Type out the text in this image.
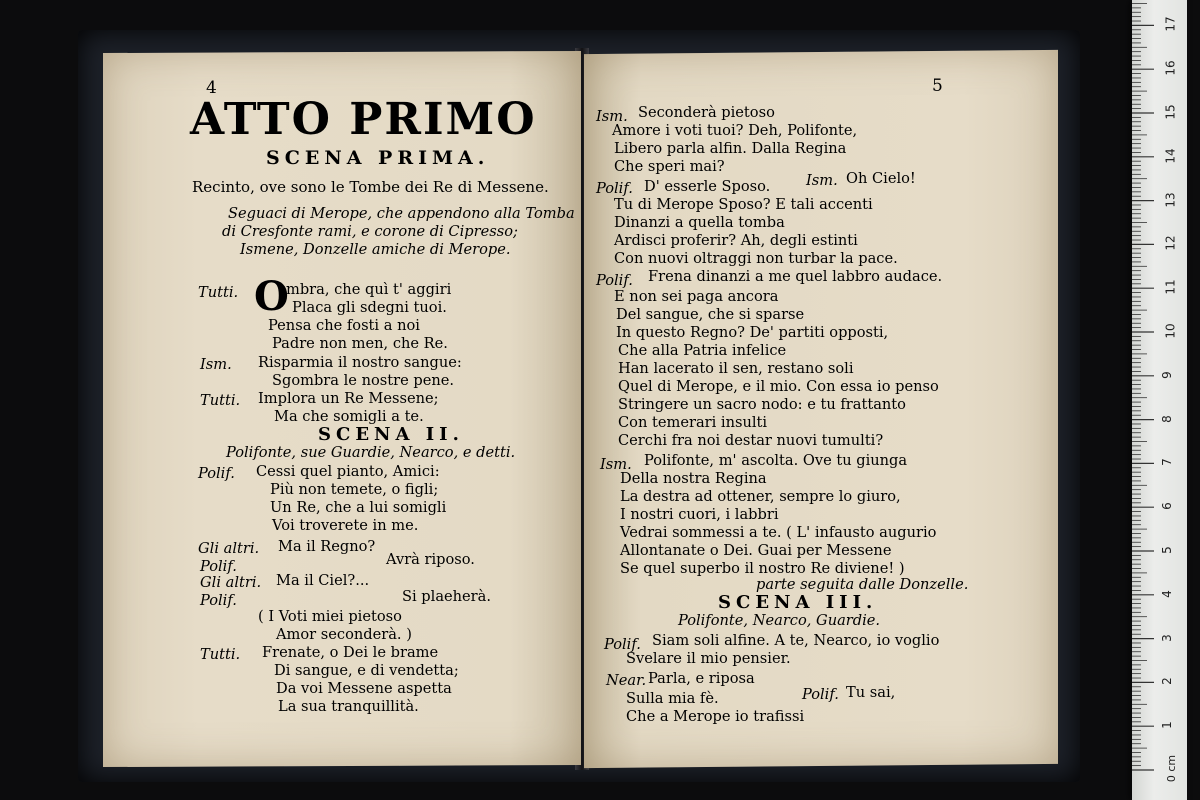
4
ATTO PRIMO
SCENA PRIMA.
Recinto, ove sono le Tombe dei Re di Messene.
Seguaci di Merope, che appendono alla Tomba
di Cresfonte rami, e corone di Cipresso;
Ismene, Donzelle amiche di Merope.
Tutti. O
mbra, che quì t' aggiri
Placa gli sdegni tuoi.
Pensa che fosti a noi
Padre non men, che Re.
Ism. Risparmia il nostro sangue:
Sgombra le nostre pene.
Tutti. Implora un Re Messene;
Ma che somigli a te.
SCENA II.
Polifonte, sue Guardie, Nearco, e detti.
Polif. Cessi quel pianto, Amici:
Più non temete, o figli;
Un Re, che a lui somigli
Voi troverete in me.
Gli altri. Ma il Regno?
Polif.	Avrà riposo.
Gli altri. Ma il Ciel?...
Polif.	Si plaeherà.
( I Voti miei pietoso
Amor seconderà. )
Tutti. Frenate, o Dei le brame
Di sangue, e di vendetta;
Da voi Messene aspetta
La sua tranquillità.
5
Ism. Seconderà pietoso
Amore i voti tuoi? Deh, Polifonte,
Libero parla alfin. Dalla Regina
Che speri mai?
Polif. D' esserle Sposo. Ism. Oh Cielo!
Tu di Merope Sposo? E tali accenti
Dinanzi a quella tomba
Ardisci proferir? Ah, degli estinti
Con nuovi oltraggi non turbar la pace.
Polif. Frena dinanzi a me quel labbro audace.
E non sei paga ancora
Del sangue, che si sparse
In questo Regno? De' partiti opposti,
Che alla Patria infelice
Han lacerato il sen, restano soli
Quel di Merope, e il mio. Con essa io penso
Stringere un sacro nodo: e tu frattanto
Con temerari insulti
Cerchi fra noi destar nuovi tumulti?
Ism. Polifonte, m' ascolta. Ove tu giunga
Della nostra Regina
La destra ad ottener, sempre lo giuro,
I nostri cuori, i labbri
Vedrai sommessi a te. ( L' infausto augurio
Allontanate o Dei. Guai per Messene
Se quel superbo il nostro Re diviene! )
parte seguita dalle Donzelle.
SCENA III.
Polifonte, Nearco, Guardie.
Polif. Siam soli alfine. A te, Nearco, io voglio
Svelare il mio pensier.
Near. Parla, e riposa
Sulla mia fè.	Polif. Tu sai,
Che a Merope io trafissi
1
2
3
4
5
6
7
8
9
10
11
12
13
14
15
16
17
0 cm
